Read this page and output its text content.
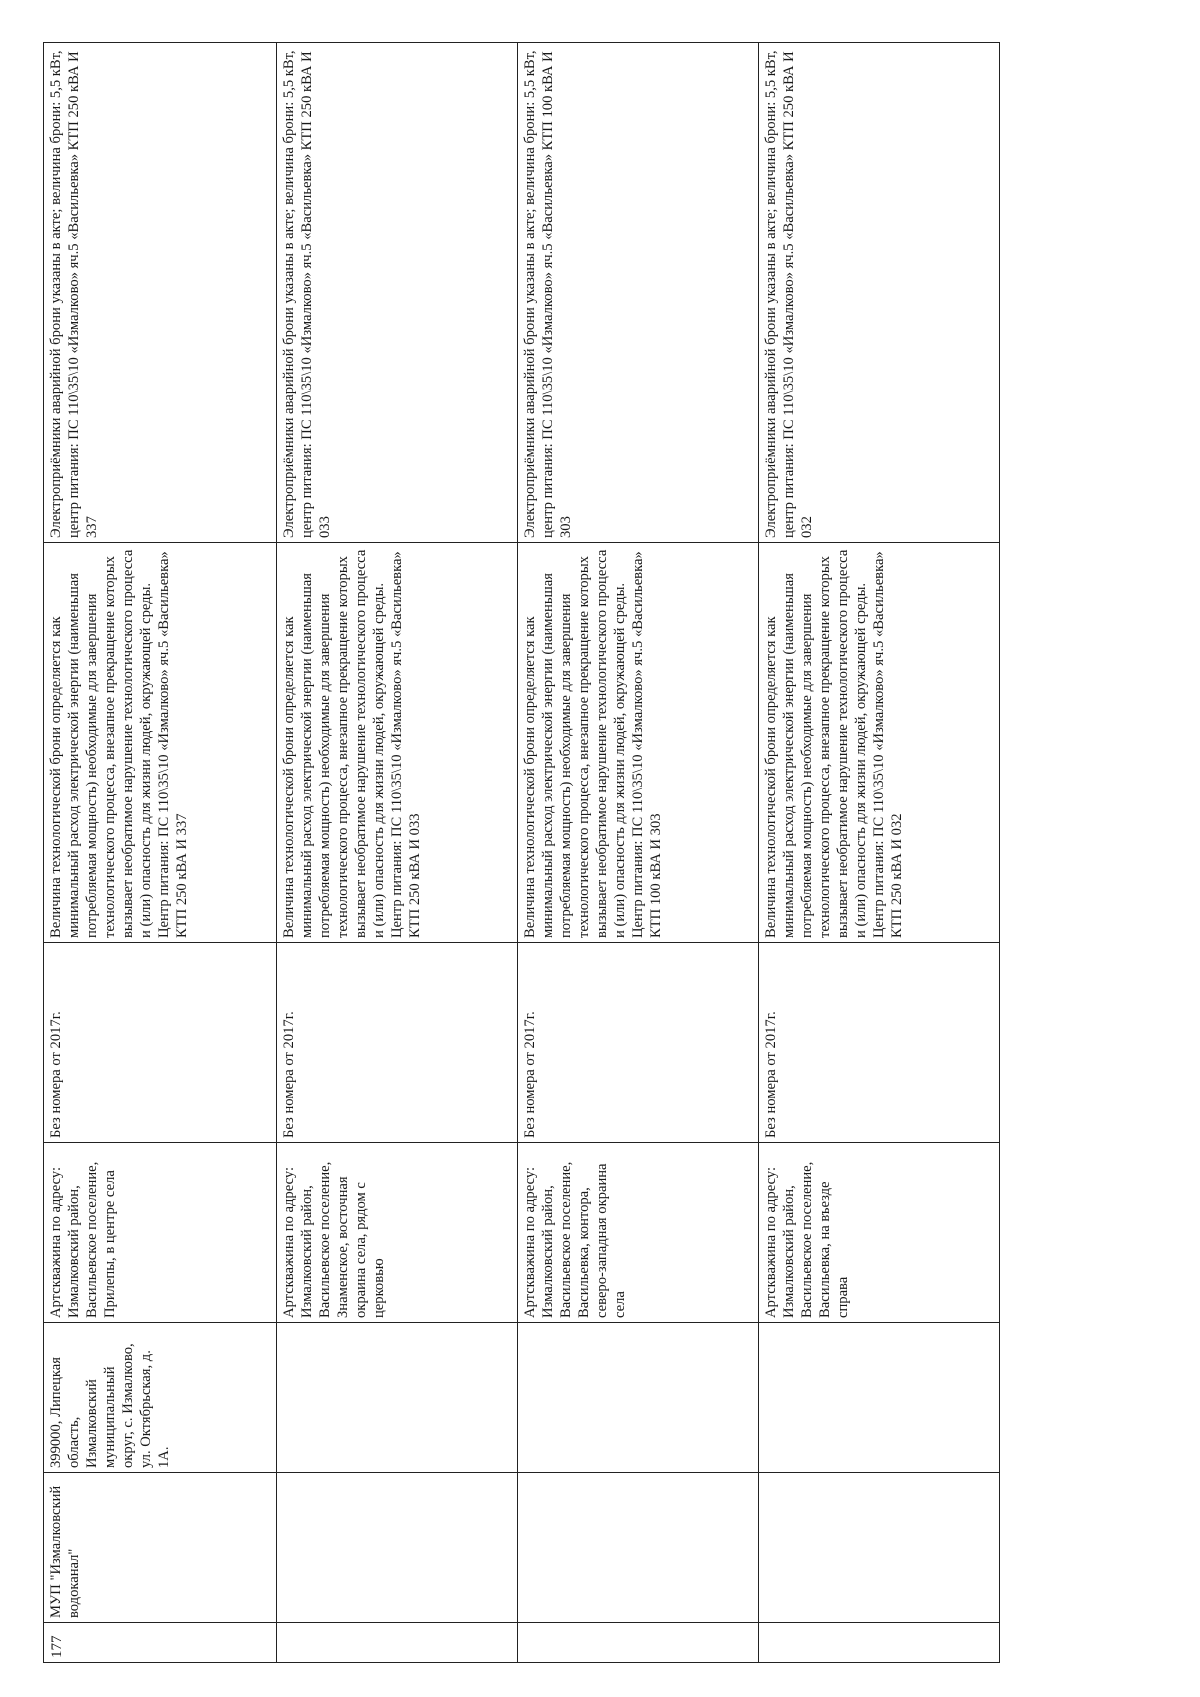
177	МУП "Измалковский водоканал"	399000, Липецкая область, Измалковский муниципальный округ, с. Измалково, ул. Октябрьская, д. 1А.	Артскважина по адресу: Измалковский район, Васильевское поселение, Прилепы, в центре села	Без номера от 2017г.	Величина технологической брони определяется как минимальный расход электрической энергии (наименьшая потребляемая мощность) необходимые для завершения технологического процесса, внезапное прекращение которых вызывает необратимое нарушение технологического процесса и (или) опасность для жизни людей, окружающей среды. Центр питания: ПС 110\35\10 «Измалково» яч.5 «Васильевка» КТП 250 кВА И 337	Электроприёмники аварийной брони указаны в акте; величина брони: 5,5 кВт, центр питания: ПС 110\35\10 «Измалково» яч.5 «Васильевка» КТП 250 кВА И 337
			Артскважина по адресу: Измалковский район, Васильевское поселение, Знаменское, восточная окраина села, рядом с церковью	Без номера от 2017г.	Величина технологической брони определяется как минимальный расход электрической энергии (наименьшая потребляемая мощность) необходимые для завершения технологического процесса, внезапное прекращение которых вызывает необратимое нарушение технологического процесса и (или) опасность для жизни людей, окружающей среды. Центр питания: ПС 110\35\10 «Измалково» яч.5 «Васильевка» КТП 250 кВА И 033	Электроприёмники аварийной брони указаны в акте; величина брони: 5,5 кВт, центр питания: ПС 110\35\10 «Измалково» яч.5 «Васильевка» КТП 250 кВА И 033
			Артскважина по адресу: Измалковский район, Васильевское поселение, Васильевка, контора, северо-западная окраина села	Без номера от 2017г.	Величина технологической брони определяется как минимальный расход электрической энергии (наименьшая потребляемая мощность) необходимые для завершения технологического процесса, внезапное прекращение которых вызывает необратимое нарушение технологического процесса и (или) опасность для жизни людей, окружающей среды. Центр питания: ПС 110\35\10 «Измалково» яч.5 «Васильевка» КТП 100 кВА И 303	Электроприёмники аварийной брони указаны в акте; величина брони: 5,5 кВт, центр питания: ПС 110\35\10 «Измалково» яч.5 «Васильевка» КТП 100 кВА И 303
			Артскважина по адресу: Измалковский район, Васильевское поселение, Васильевка, на въезде справа	Без номера от 2017г.	Величина технологической брони определяется как минимальный расход электрической энергии (наименьшая потребляемая мощность) необходимые для завершения технологического процесса, внезапное прекращение которых вызывает необратимое нарушение технологического процесса и (или) опасность для жизни людей, окружающей среды. Центр питания: ПС 110\35\10 «Измалково» яч.5 «Васильевка» КТП 250 кВА И 032	Электроприёмники аварийной брони указаны в акте; величина брони: 5,5 кВт, центр питания: ПС 110\35\10 «Измалково» яч.5 «Васильевка» КТП 250 кВА И 032
